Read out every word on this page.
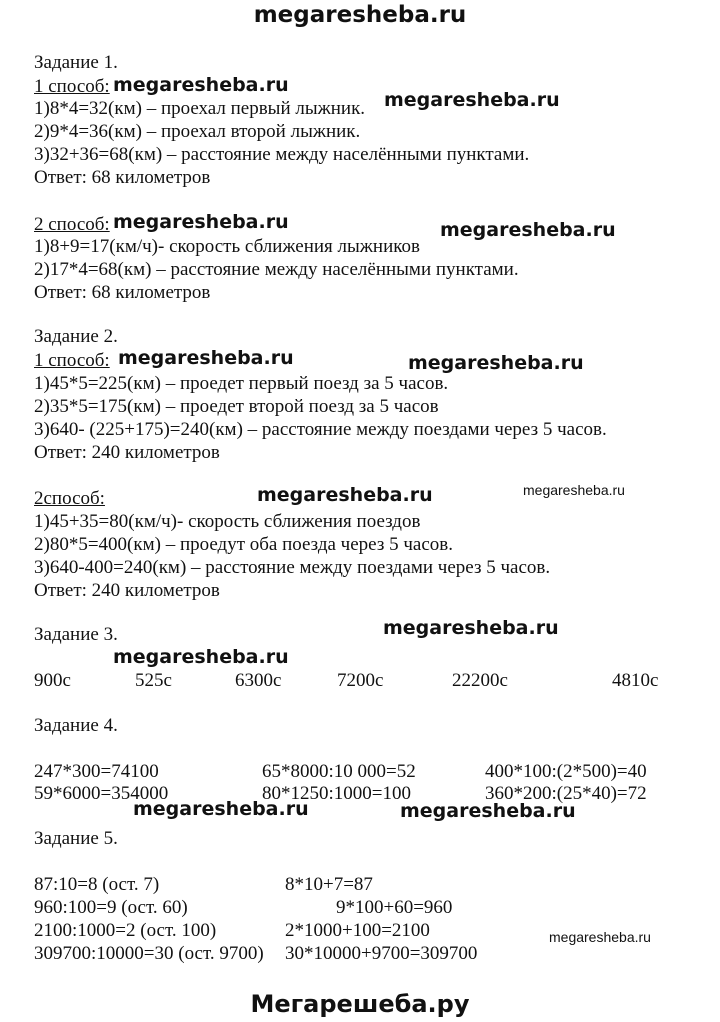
megaresheba.ru
Задание 1.
1 способ: megaresheba.ru
1)8*4=32(км) – проехал первый лыжник. megaresheba.ru
2)9*4=36(км) – проехал второй лыжник.
3)32+36=68(км) – расстояние между населёнными пунктами.
Ответ: 68 километров
2 способ: megaresheba.ru	megaresheba.ru
1)8+9=17(км/ч)- скорость сближения лыжников
2)17*4=68(км) – расстояние между населёнными пунктами.
Ответ: 68 километров
Задание 2.
1 способ: megaresheba.ru	megaresheba.ru
1)45*5=225(км) – проедет первый поезд за 5 часов.
2)35*5=175(км) – проедет второй поезд за 5 часов
3)640- (225+175)=240(км) – расстояние между поездами через 5 часов.
Ответ: 240 километров
2способ:	megaresheba.ru	megaresheba.ru
1)45+35=80(км/ч)- скорость сближения поездов
2)80*5=400(км) – проедут оба поезда через 5 часов.
3)640-400=240(км) – расстояние между поездами через 5 часов.
Ответ: 240 километров
Задание 3.	megaresheba.ru
megaresheba.ru
900с	525с	6300с	7200с	22200с	4810с
Задание 4.
247*300=74100	65*8000:10 000=52	400*100:(2*500)=40
59*6000=354000	80*1250:1000=100	360*200:(25*40)=72
megaresheba.ru	megaresheba.ru
Задание 5.
87:10=8 (ост. 7)	8*10+7=87
960:100=9 (ост. 60)	9*100+60=960
2100:1000=2 (ост. 100)	2*1000+100=2100
309700:10000=30 (ост. 9700) 30*10000+9700=309700
megaresheba.ru
Мегарешеба.ру
